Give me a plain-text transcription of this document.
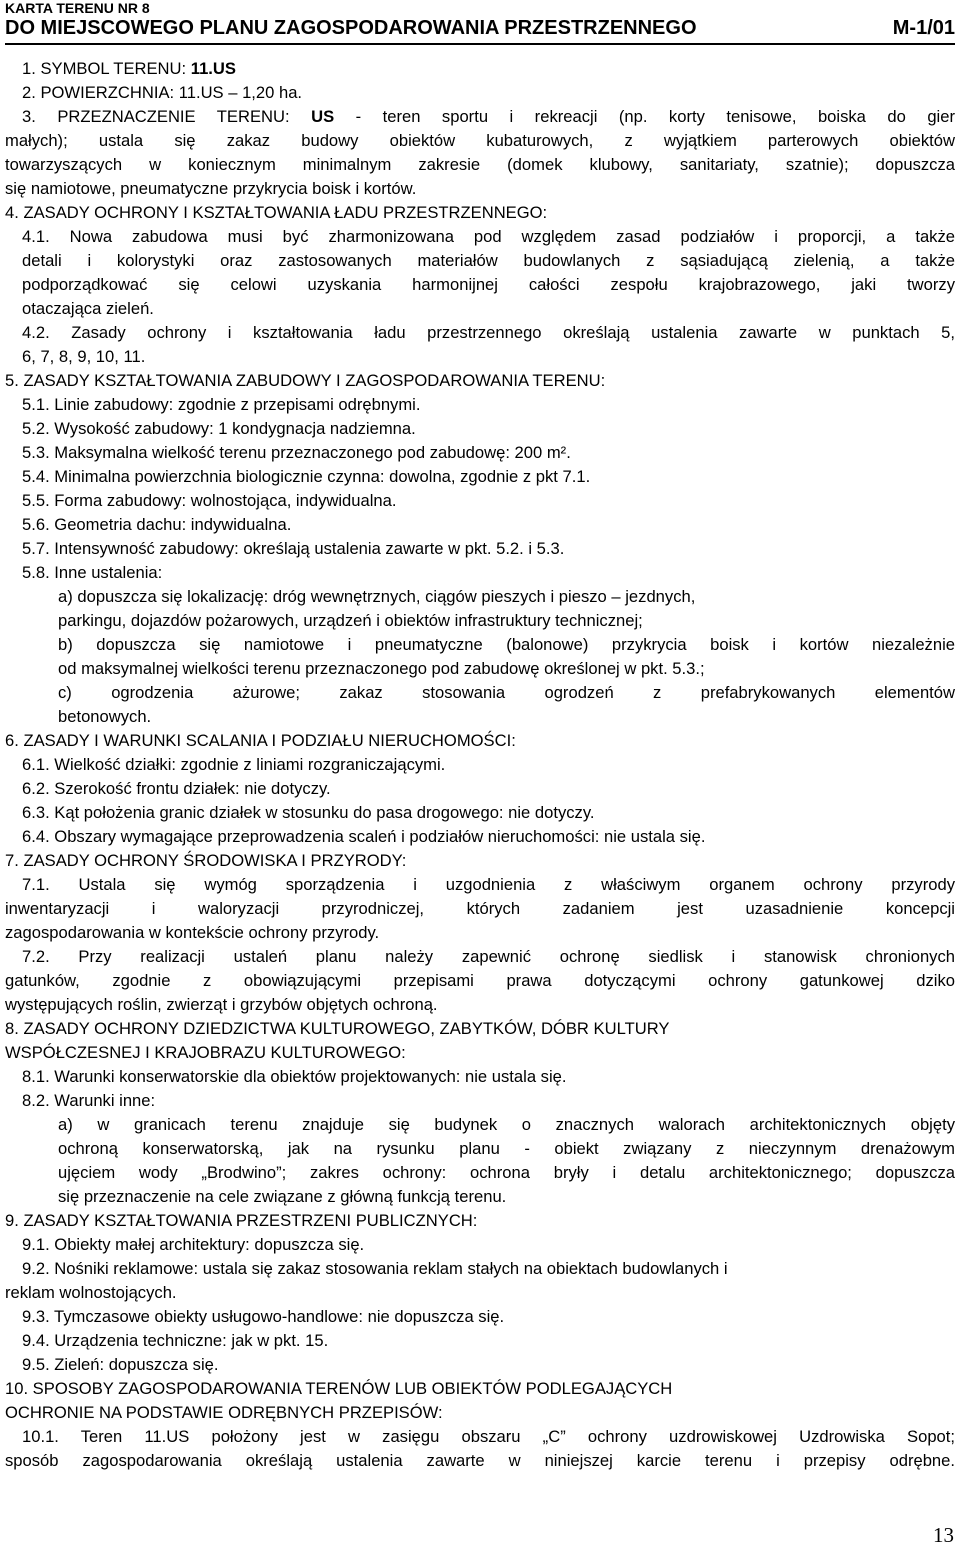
KARTA TERENU NR 8
DO MIEJSCOWEGO PLANU ZAGOSPODAROWANIA PRZESTRZENNEGO	M-1/01
1. SYMBOL TERENU: 11.US
2. POWIERZCHNIA: 11.US – 1,20 ha.
3. PRZEZNACZENIE TERENU: US - teren sportu i rekreacji (np. korty tenisowe, boiska do gier
małych); ustala się zakaz budowy obiektów kubaturowych, z wyjątkiem parterowych obiektów
towarzyszących w koniecznym minimalnym zakresie (domek klubowy, sanitariaty, szatnie); dopuszcza
się namiotowe, pneumatyczne przykrycia boisk i kortów.
4. ZASADY OCHRONY I KSZTAŁTOWANIA ŁADU PRZESTRZENNEGO:
4.1. Nowa zabudowa musi być zharmonizowana pod względem zasad podziałów i proporcji, a także
detali i kolorystyki oraz zastosowanych materiałów budowlanych z sąsiadującą zielenią, a także
podporządkować się celowi uzyskania harmonijnej całości zespołu krajobrazowego, jaki tworzy
otaczająca zieleń.
4.2. Zasady ochrony i kształtowania ładu przestrzennego określają ustalenia zawarte w punktach 5,
6, 7, 8, 9, 10, 11.
5. ZASADY KSZTAŁTOWANIA ZABUDOWY I ZAGOSPODAROWANIA TERENU:
5.1. Linie zabudowy: zgodnie z przepisami odrębnymi.
5.2. Wysokość zabudowy: 1 kondygnacja nadziemna.
5.3. Maksymalna wielkość terenu przeznaczonego pod zabudowę: 200 m².
5.4. Minimalna powierzchnia biologicznie czynna: dowolna, zgodnie z pkt 7.1.
5.5. Forma zabudowy: wolnostojąca, indywidualna.
5.6. Geometria dachu: indywidualna.
5.7. Intensywność zabudowy: określają ustalenia zawarte w pkt. 5.2. i 5.3.
5.8. Inne ustalenia:
a) dopuszcza się lokalizację: dróg wewnętrznych, ciągów pieszych i pieszo – jezdnych,
parkingu, dojazdów pożarowych, urządzeń i obiektów infrastruktury technicznej;
b) dopuszcza się namiotowe i pneumatyczne (balonowe) przykrycia boisk i kortów niezależnie
od maksymalnej wielkości terenu przeznaczonego pod zabudowę określonej w pkt. 5.3.;
c) ogrodzenia ażurowe; zakaz stosowania ogrodzeń z prefabrykowanych elementów
betonowych.
6. ZASADY I WARUNKI SCALANIA I PODZIAŁU NIERUCHOMOŚCI:
6.1. Wielkość działki: zgodnie z liniami rozgraniczającymi.
6.2. Szerokość frontu działek: nie dotyczy.
6.3. Kąt położenia granic działek w stosunku do pasa drogowego: nie dotyczy.
6.4. Obszary wymagające przeprowadzenia scaleń i podziałów nieruchomości: nie ustala się.
7. ZASADY OCHRONY ŚRODOWISKA I PRZYRODY:
7.1. Ustala się wymóg sporządzenia i uzgodnienia z właściwym organem ochrony przyrody
inwentaryzacji i waloryzacji przyrodniczej, których zadaniem jest uzasadnienie koncepcji
zagospodarowania w kontekście ochrony przyrody.
7.2. Przy realizacji ustaleń planu należy zapewnić ochronę siedlisk i stanowisk chronionych
gatunków, zgodnie z obowiązującymi przepisami prawa dotyczącymi ochrony gatunkowej dziko
występujących roślin, zwierząt i grzybów objętych ochroną.
8. ZASADY OCHRONY DZIEDZICTWA KULTUROWEGO, ZABYTKÓW, DÓBR KULTURY
WSPÓŁCZESNEJ I KRAJOBRAZU KULTUROWEGO:
8.1. Warunki konserwatorskie dla obiektów projektowanych: nie ustala się.
8.2. Warunki inne:
a) w granicach terenu znajduje się budynek o znacznych walorach architektonicznych objęty
ochroną konserwatorską, jak na rysunku planu - obiekt związany z nieczynnym drenażowym
ujęciem wody „Brodwino”; zakres ochrony: ochrona bryły i detalu architektonicznego; dopuszcza
się przeznaczenie na cele związane z główną funkcją terenu.
9. ZASADY KSZTAŁTOWANIA PRZESTRZENI PUBLICZNYCH:
9.1. Obiekty małej architektury: dopuszcza się.
9.2. Nośniki reklamowe: ustala się zakaz stosowania reklam stałych na obiektach budowlanych i
reklam wolnostojących.
9.3. Tymczasowe obiekty usługowo-handlowe: nie dopuszcza się.
9.4. Urządzenia techniczne: jak w pkt. 15.
9.5. Zieleń: dopuszcza się.
10. SPOSOBY ZAGOSPODAROWANIA TERENÓW LUB OBIEKTÓW PODLEGAJĄCYCH
OCHRONIE NA PODSTAWIE ODRĘBNYCH PRZEPISÓW:
10.1. Teren 11.US położony jest w zasięgu obszaru „C” ochrony uzdrowiskowej Uzdrowiska Sopot;
sposób zagospodarowania określają ustalenia zawarte w niniejszej karcie terenu i przepisy odrębne.
13
